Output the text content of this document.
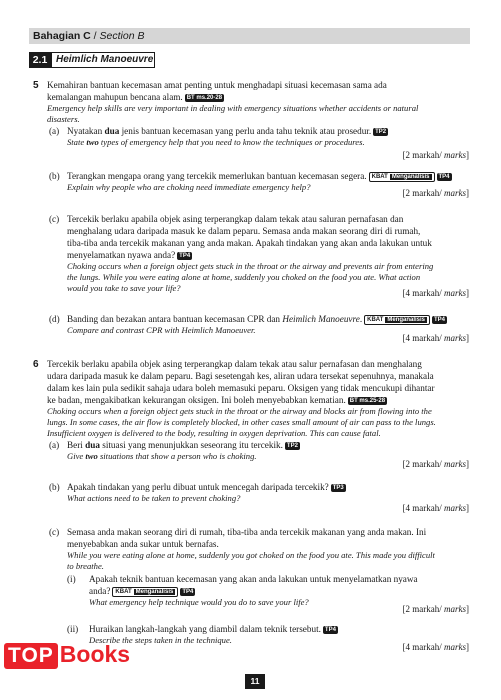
Bahagian C / Section B
2.1 Heimlich Manoeuvre
5 Kemahiran bantuan kecemasan amat penting untuk menghadapi situasi kecemasan sama ada
kemalangan mahupun bencana alam. BT ms.20-28
Emergency help skills are very important in dealing with emergency situations whether accidents or natural
disasters.
(a) Nyatakan dua jenis bantuan kecemasan yang perlu anda tahu teknik atau prosedur. TP2
State two types of emergency help that you need to know the techniques or procedures.
[2 markah/ marks]
(b) Terangkan mengapa orang yang tercekik memerlukan bantuan kecemasan segera. KBAT Menganalisis TP4
Explain why people who are choking need immediate emergency help?
[2 markah/ marks]
(c) Tercekik berlaku apabila objek asing terperangkap dalam tekak atau saluran pernafasan dan
menghalang udara daripada masuk ke dalam peparu. Semasa anda makan seorang diri di rumah,
tiba-tiba anda tercekik makanan yang anda makan. Apakah tindakan yang akan anda lakukan untuk
menyelamatkan nyawa anda? TP4
Choking occurs when a foreign object gets stuck in the throat or the airway and prevents air from entering
the lungs. While you were eating alone at home, suddenly you choked on the food you ate. What action
would you take to save your life?	[4 markah/ marks]
(d) Banding dan bezakan antara bantuan kecemasan CPR dan Heimlich Manoeuvre. KBAT Menganalisis TP4
Compare and contrast CPR with Heimlich Manoeuver.
[4 markah/ marks]
6 Tercekik berlaku apabila objek asing terperangkap dalam tekak atau salur pernafasan dan menghalang
udara daripada masuk ke dalam peparu. Bagi sesetengah kes, aliran udara tersekat sepenuhnya, manakala
dalam kes lain pula sedikit sahaja udara boleh memasuki peparu. Oksigen yang tidak mencukupi dihantar
ke badan, mengakibatkan kekurangan oksigen. Ini boleh menyebabkan kematian. BT ms.25-28
Choking occurs when a foreign object gets stuck in the throat or the airway and blocks air from flowing into the
lungs. In some cases, the air flow is completely blocked, in other cases small amount of air can pass to the lungs.
Insufficient oxygen is delivered to the body, resulting in oxygen deprivation. This can cause fatal.
(a) Beri dua situasi yang menunjukkan seseorang itu tercekik. TP2
Give two situations that show a person who is choking.
[2 markah/ marks]
(b) Apakah tindakan yang perlu dibuat untuk mencegah daripada tercekik? TP3
What actions need to be taken to prevent choking?
[4 markah/ marks]
(c) Semasa anda makan seorang diri di rumah, tiba-tiba anda tercekik makanan yang anda makan. Ini
menyebabkan anda sukar untuk bernafas.
While you were eating alone at home, suddenly you got choked on the food you ate. This made you difficult
to breathe.
(i) Apakah teknik bantuan kecemasan yang akan anda lakukan untuk menyelamatkan nyawa
anda? KBAT Menganalisis TP4
What emergency help technique would you do to save your life?
[2 markah/ marks]
(ii) Huraikan langkah-langkah yang diambil dalam teknik tersebut. TP4
Describe the steps taken in the technique.
[4 markah/ marks]
TOP Books
11
